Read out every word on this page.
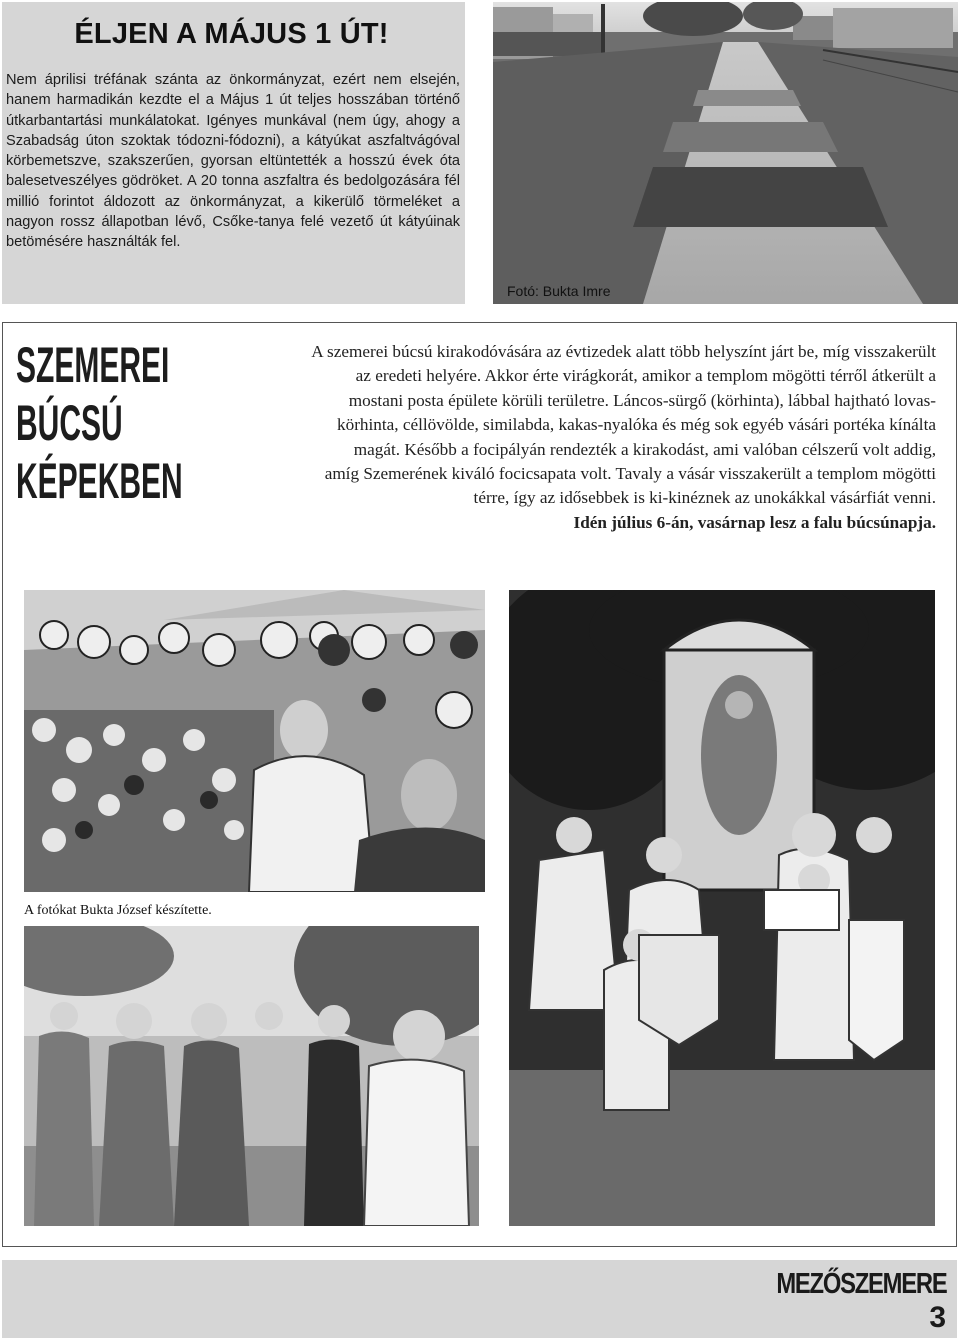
ÉLJEN A MÁJUS 1 ÚT!
Nem áprilisi tréfának szánta az önkormányzat, ezért nem elsején, hanem harmadikán kezdte el a Május 1 út teljes hosszában történő útkarbantartási munkálatokat. Igényes munkával (nem úgy, ahogy a Szabadság úton szoktak tódozni-fódozni), a kátyúkat aszfaltvágóval körbemetszve, szakszerűen, gyorsan eltüntették a hosszú évek óta balesetveszélyes gödröket. A 20 tonna aszfaltra és bedolgozására fél millió forintot áldozott az önkormányzat, a kikerülő törmeléket a nagyon rossz állapotban lévő, Csőke-tanya felé vezető út kátyúinak betömésére használták fel.
Fotó: Bukta Imre
SZEMEREI
BÚCSÚ
KÉPEKBEN
A szemerei búcsú kirakodóvására az évtizedek alatt több helyszínt járt be, míg visszakerült
az eredeti helyére. Akkor érte virágkorát, amikor a templom mögötti térről átkerült a
mostani posta épülete körüli területre. Láncos-sürgő (körhinta), lábbal hajtható lovas-
körhinta, céllövölde, similabda, kakas-nyalóka és még sok egyéb vásári portéka kínálta
magát. Később a focipályán rendezték a kirakodást, ami valóban célszerű volt addig,
amíg Szemerének kiváló focicsapata volt. Tavaly a vásár visszakerült a templom mögötti
térre, így az idősebbek is ki-kinéznek az unokákkal vásárfiát venni.
Idén július 6-án, vasárnap lesz a falu búcsúnapja.
A fotókat Bukta József készítette.
MEZŐSZEMERE
3
